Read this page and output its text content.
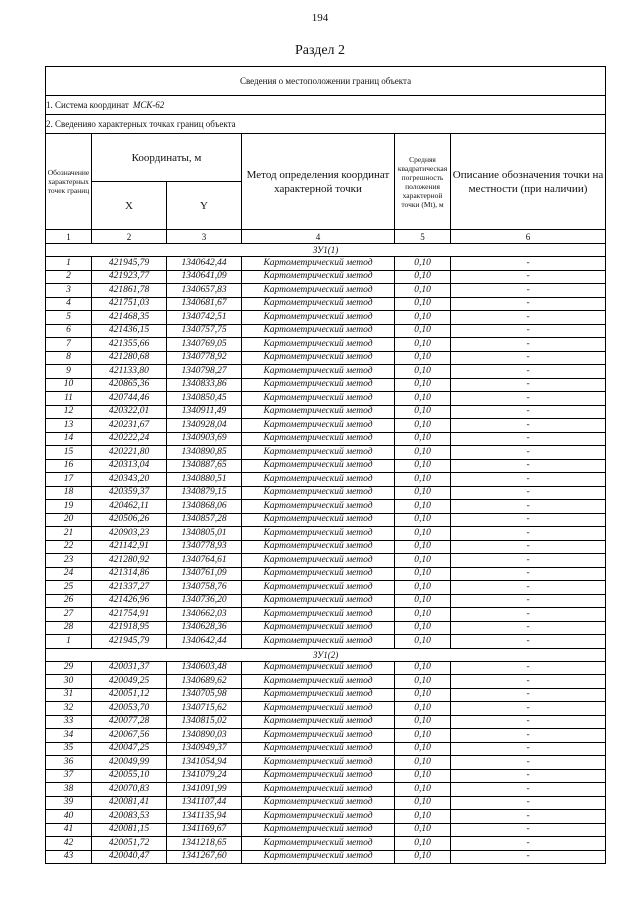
194
Раздел 2
Сведения о местоположении границ объекта					
1. Система координат МСК-62					
2. Сведенияо характерных точках границ объекта					
Обозначение характерных точек границ	Координаты, м		Метод определения координат характерной точки	Средняя квадратическая погрешность положения характерной точки (Mt), м	Описание обозначения точки на местности (при наличии)
	X	Y			
1	2	3	4	5	6
ЗУ1(1)					
1	421945,79	1340642,44	Картометрический метод	0,10	-
2	421923,77	1340641,09	Картометрический метод	0,10	-
3	421861,78	1340657,83	Картометрический метод	0,10	-
4	421751,03	1340681,67	Картометрический метод	0,10	-
5	421468,35	1340742,51	Картометрический метод	0,10	-
6	421436,15	1340757,75	Картометрический метод	0,10	-
7	421355,66	1340769,05	Картометрический метод	0,10	-
8	421280,68	1340778,92	Картометрический метод	0,10	-
9	421133,80	1340798,27	Картометрический метод	0,10	-
10	420865,36	1340833,86	Картометрический метод	0,10	-
11	420744,46	1340850,45	Картометрический метод	0,10	-
12	420322,01	1340911,49	Картометрический метод	0,10	-
13	420231,67	1340928,04	Картометрический метод	0,10	-
14	420222,24	1340903,69	Картометрический метод	0,10	-
15	420221,80	1340890,85	Картометрический метод	0,10	-
16	420313,04	1340887,65	Картометрический метод	0,10	-
17	420343,20	1340880,51	Картометрический метод	0,10	-
18	420359,37	1340879,15	Картометрический метод	0,10	-
19	420462,11	1340868,06	Картометрический метод	0,10	-
20	420506,26	1340857,28	Картометрический метод	0,10	-
21	420903,23	1340805,01	Картометрический метод	0,10	-
22	421142,91	1340778,93	Картометрический метод	0,10	-
23	421280,92	1340764,61	Картометрический метод	0,10	-
24	421314,86	1340761,09	Картометрический метод	0,10	-
25	421337,27	1340758,76	Картометрический метод	0,10	-
26	421426,96	1340736,20	Картометрический метод	0,10	-
27	421754,91	1340662,03	Картометрический метод	0,10	-
28	421918,95	1340628,36	Картометрический метод	0,10	-
1	421945,79	1340642,44	Картометрический метод	0,10	-
ЗУ1(2)					
29	420031,37	1340603,48	Картометрический метод	0,10	-
30	420049,25	1340689,62	Картометрический метод	0,10	-
31	420051,12	1340705,98	Картометрический метод	0,10	-
32	420053,70	1340715,62	Картометрический метод	0,10	-
33	420077,28	1340815,02	Картометрический метод	0,10	-
34	420067,56	1340890,03	Картометрический метод	0,10	-
35	420047,25	1340949,37	Картометрический метод	0,10	-
36	420049,99	1341054,94	Картометрический метод	0,10	-
37	420055,10	1341079,24	Картометрический метод	0,10	-
38	420070,83	1341091,99	Картометрический метод	0,10	-
39	420081,41	1341107,44	Картометрический метод	0,10	-
40	420083,53	1341135,94	Картометрический метод	0,10	-
41	420081,15	1341169,67	Картометрический метод	0,10	-
42	420051,72	1341218,65	Картометрический метод	0,10	-
43	420040,47	1341267,60	Картометрический метод	0,10	-
